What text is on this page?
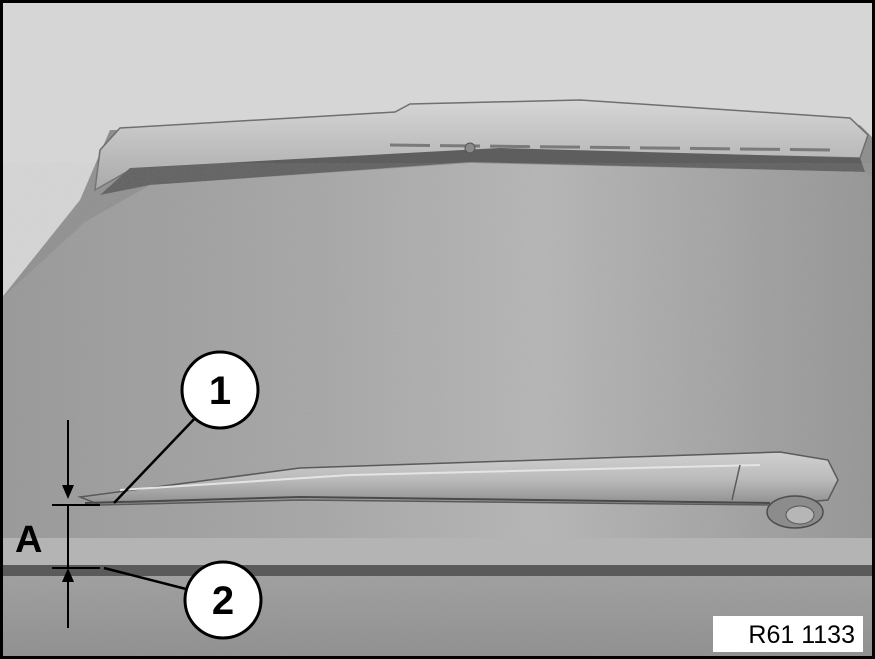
A
1
2
R61 1133
